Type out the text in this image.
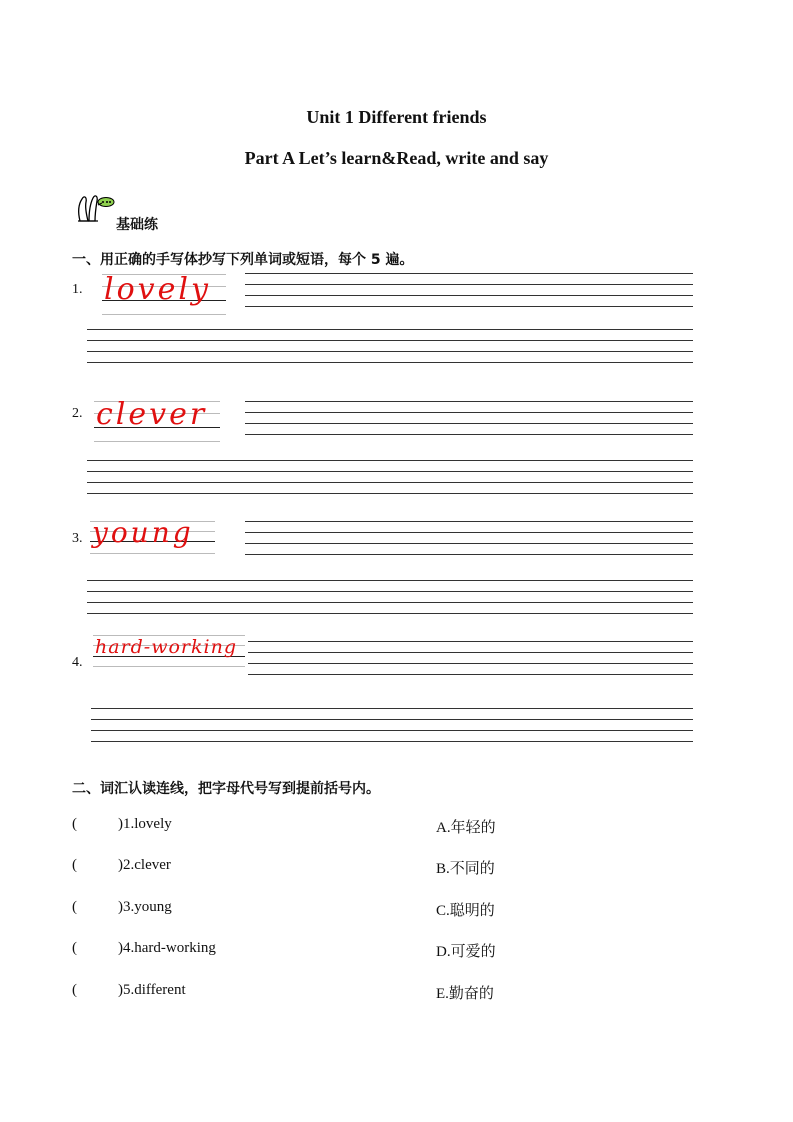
Unit 1 Different friends
Part A Let’s learn&Read, write and say
基础练
一、用正确的手写体抄写下列单词或短语，每个 5 遍。
1. lovely
2. clever
3. young
4.
hard-working
二、词汇认读连线，把字母代号写到提前括号内。
(	)1.lovely	A.年轻的
(	)2.clever	B.不同的
(	)3.young	C.聪明的
(	)4.hard-working	D.可爱的
(	)5.different	E.勤奋的
